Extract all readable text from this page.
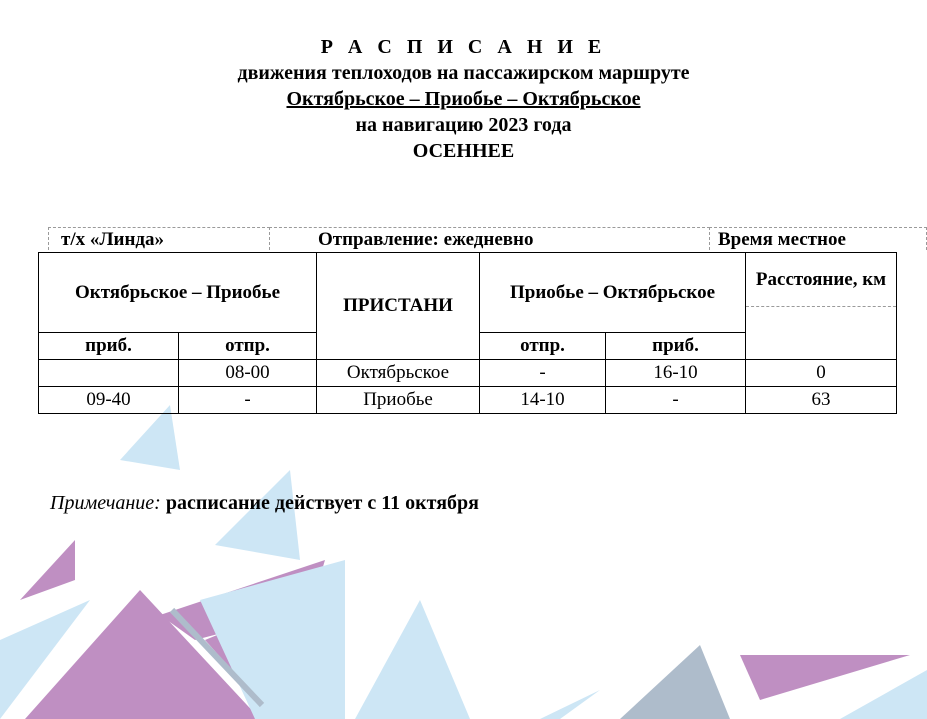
Р А С П И С А Н И Е
движения теплоходов на пассажирском маршруте
Октябрьское – Приобье – Октябрьское
на навигацию 2023 года
ОСЕННЕЕ
т/х «Линда»	Отправление: ежедневно	Время местное
Октябрьское – Приобье		ПРИСТАНИ	Приобье – Октябрьское		Расстояние, км

приб.	отпр.		отпр.	приб.	
	08-00	Октябрьское	-	16-10	0
09-40	-	Приобье	14-10	-	63
Примечание: расписание действует с 11 октября
